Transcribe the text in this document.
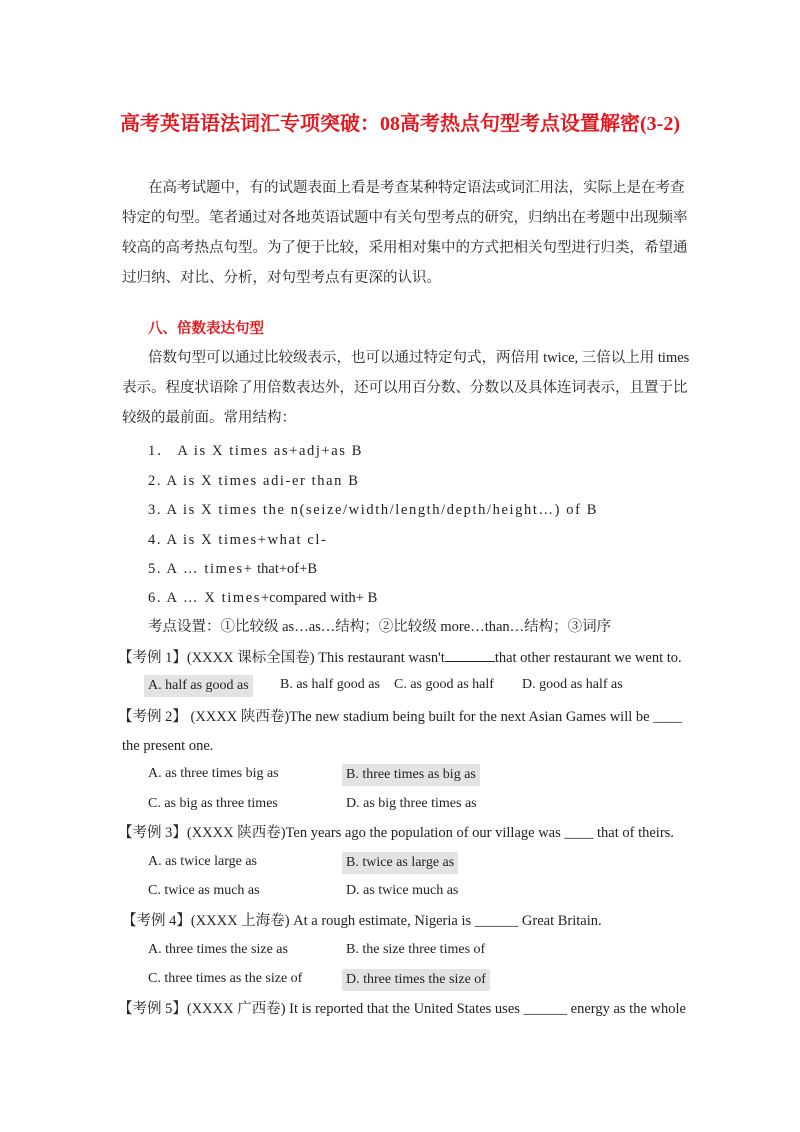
高考英语语法词汇专项突破：08高考热点句型考点设置解密(3-2)
在高考试题中，有的试题表面上看是考查某种特定语法或词汇用法，实际上是在考查
特定的句型。笔者通过对各地英语试题中有关句型考点的研究，归纳出在考题中出现频率
较高的高考热点句型。为了便于比较，采用相对集中的方式把相关句型进行归类，希望通
过归纳、对比、分析，对句型考点有更深的认识。
八、倍数表达句型
倍数句型可以通过比较级表示，也可以通过特定句式，两倍用 twice, 三倍以上用 times
表示。程度状语除了用倍数表达外，还可以用百分数、分数以及具体连词表示，且置于比
较级的最前面。常用结构：
1． A is X times as+adj+as B
2. A is X times adi-er than B
3. A is X times the n(seize/width/length/depth/height…) of B
4. A is X times+what cl-
5. A … times+ that+of+B
6. A … X times+compared with+ B
考点设置：①比较级 as…as…结构；②比较级 more…than…结构；③词序
【考例 1】(XXXX 课标全国卷) This restaurant wasn't	that other restaurant we went to.
A. half as good as B. as half good as C. as good as half D. good as half as
【考例 2】 (XXXX 陕西卷)The new stadium being built for the next Asian Games will be ____
the present one.
A. as three times big as	B. three times as big as
C. as big as three times	D. as big three times as
【考例 3】(XXXX 陕西卷)Ten years ago the population of our village was ____ that of theirs.
A. as twice large as	B. twice as large as
C. twice as much as	D. as twice much as
【考例 4】(XXXX 上海卷) At a rough estimate, Nigeria is ______ Great Britain.
A. three times the size as	B. the size three times of
C. three times as the size of	D. three times the size of
【考例 5】(XXXX 广西卷) It is reported that the United States uses ______ energy as the whole
